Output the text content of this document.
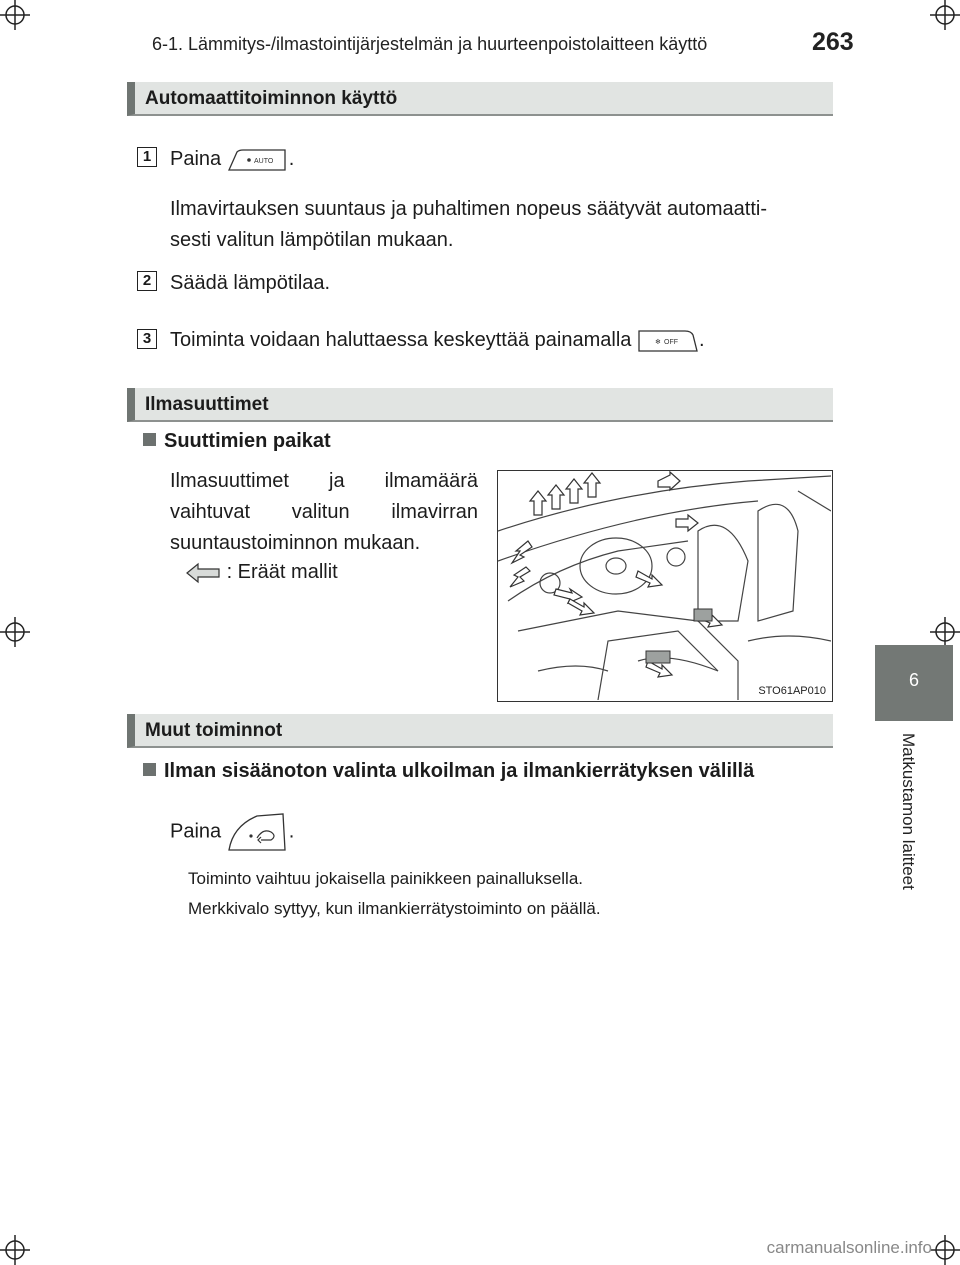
6-1. Lämmitys-/ilmastointijärjestelmän ja huurteenpoistolaitteen käyttö	263
6
Matkustamon laitteet
Automaattitoiminnon käyttö
1 Paina	AUTO .
Ilmavirtauksen suuntaus ja puhaltimen nopeus säätyvät automaatti-
sesti valitun lämpötilan mukaan.
2 Säädä lämpötilaa.
3 Toiminta voidaan haluttaessa keskeyttää painamalla	❄ OFF .
Ilmasuuttimet
Suuttimien paikat
Ilmasuuttimet ja ilmamäärä
vaihtuvat valitun ilmavirran
suuntaustoiminnon mukaan.
: Eräät mallit
STO61AP010
Muut toiminnot
Ilman sisäänoton valinta ulkoilman ja ilmankierrätyksen välillä
Paina	.
Toiminto vaihtuu jokaisella painikkeen painalluksella.
Merkkivalo syttyy, kun ilmankierrätystoiminto on päällä.
carmanualsonline.info
